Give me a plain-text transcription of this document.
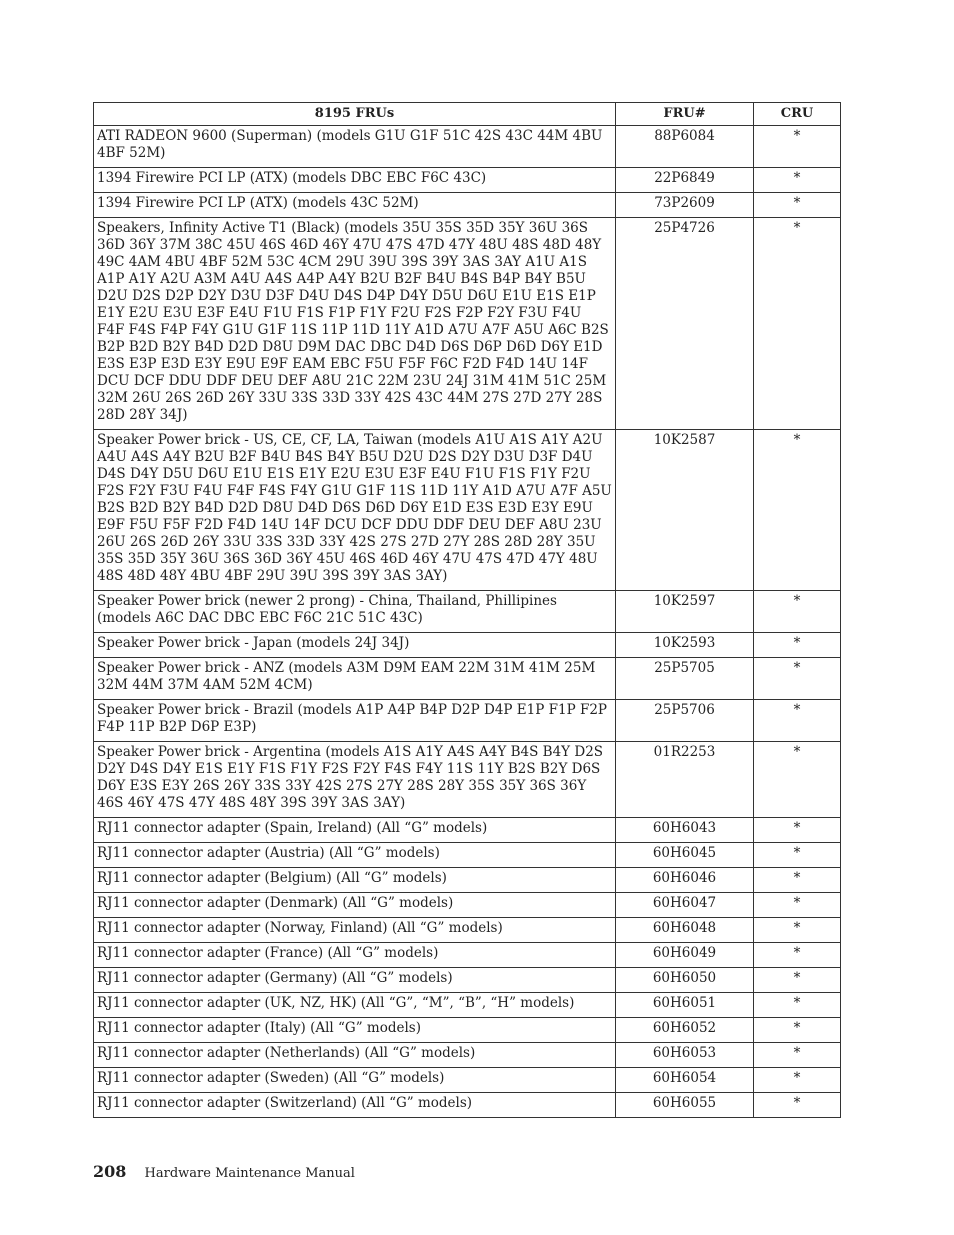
8195 FRUs	FRU#	CRU
ATI RADEON 9600 (Superman) (models G1U G1F 51C 42S 43C 44M 4BU 4BF 52M)	88P6084	*
1394 Firewire PCI LP (ATX) (models DBC EBC F6C 43C)	22P6849	*
1394 Firewire PCI LP (ATX) (models 43C 52M)	73P2609	*
Speakers, Infinity Active T1 (Black) (models 35U 35S 35D 35Y 36U 36S 36D 36Y 37M 38C 45U 46S 46D 46Y 47U 47S 47D 47Y 48U 48S 48D 48Y 49C 4AM 4BU 4BF 52M 53C 4CM 29U 39U 39S 39Y 3AS 3AY A1U A1S A1P A1Y A2U A3M A4U A4S A4P A4Y B2U B2F B4U B4S B4P B4Y B5U D2U D2S D2P D2Y D3U D3F D4U D4S D4P D4Y D5U D6U E1U E1S E1P E1Y E2U E3U E3F E4U F1U F1S F1P F1Y F2U F2S F2P F2Y F3U F4U F4F F4S F4P F4Y G1U G1F 11S 11P 11D 11Y A1D A7U A7F A5U A6C B2S B2P B2D B2Y B4D D2D D8U D9M DAC DBC D4D D6S D6P D6D D6Y E1D E3S E3P E3D E3Y E9U E9F EAM EBC F5U F5F F6C F2D F4D 14U 14F DCU DCF DDU DDF DEU DEF A8U 21C 22M 23U 24J 31M 41M 51C 25M 32M 26U 26S 26D 26Y 33U 33S 33D 33Y 42S 43C 44M 27S 27D 27Y 28S 28D 28Y 34J)	25P4726	*
Speaker Power brick - US, CE, CF, LA, Taiwan (models A1U A1S A1Y A2U A4U A4S A4Y B2U B2F B4U B4S B4Y B5U D2U D2S D2Y D3U D3F D4U D4S D4Y D5U D6U E1U E1S E1Y E2U E3U E3F E4U F1U F1S F1Y F2U F2S F2Y F3U F4U F4F F4S F4Y G1U G1F 11S 11D 11Y A1D A7U A7F A5U B2S B2D B2Y B4D D2D D8U D4D D6S D6D D6Y E1D E3S E3D E3Y E9U E9F F5U F5F F2D F4D 14U 14F DCU DCF DDU DDF DEU DEF A8U 23U 26U 26S 26D 26Y 33U 33S 33D 33Y 42S 27S 27D 27Y 28S 28D 28Y 35U 35S 35D 35Y 36U 36S 36D 36Y 45U 46S 46D 46Y 47U 47S 47D 47Y 48U 48S 48D 48Y 4BU 4BF 29U 39U 39S 39Y 3AS 3AY)	10K2587	*
Speaker Power brick (newer 2 prong) - China, Thailand, Phillipines (models A6C DAC DBC EBC F6C 21C 51C 43C)	10K2597	*
Speaker Power brick - Japan (models 24J 34J)	10K2593	*
Speaker Power brick - ANZ (models A3M D9M EAM 22M 31M 41M 25M 32M 44M 37M 4AM 52M 4CM)	25P5705	*
Speaker Power brick - Brazil (models A1P A4P B4P D2P D4P E1P F1P F2P F4P 11P B2P D6P E3P)	25P5706	*
Speaker Power brick - Argentina (models A1S A1Y A4S A4Y B4S B4Y D2S D2Y D4S D4Y E1S E1Y F1S F1Y F2S F2Y F4S F4Y 11S 11Y B2S B2Y D6S D6Y E3S E3Y 26S 26Y 33S 33Y 42S 27S 27Y 28S 28Y 35S 35Y 36S 36Y 46S 46Y 47S 47Y 48S 48Y 39S 39Y 3AS 3AY)	01R2253	*
RJ11 connector adapter (Spain, Ireland) (All “G” models)	60H6043	*
RJ11 connector adapter (Austria) (All “G” models)	60H6045	*
RJ11 connector adapter (Belgium) (All “G” models)	60H6046	*
RJ11 connector adapter (Denmark) (All “G” models)	60H6047	*
RJ11 connector adapter (Norway, Finland) (All “G” models)	60H6048	*
RJ11 connector adapter (France) (All “G” models)	60H6049	*
RJ11 connector adapter (Germany) (All “G” models)	60H6050	*
RJ11 connector adapter (UK, NZ, HK) (All “G”, “M”, “B”, “H” models)	60H6051	*
RJ11 connector adapter (Italy) (All “G” models)	60H6052	*
RJ11 connector adapter (Netherlands) (All “G” models)	60H6053	*
RJ11 connector adapter (Sweden) (All “G” models)	60H6054	*
RJ11 connector adapter (Switzerland) (All “G” models)	60H6055	*
208 Hardware Maintenance Manual
